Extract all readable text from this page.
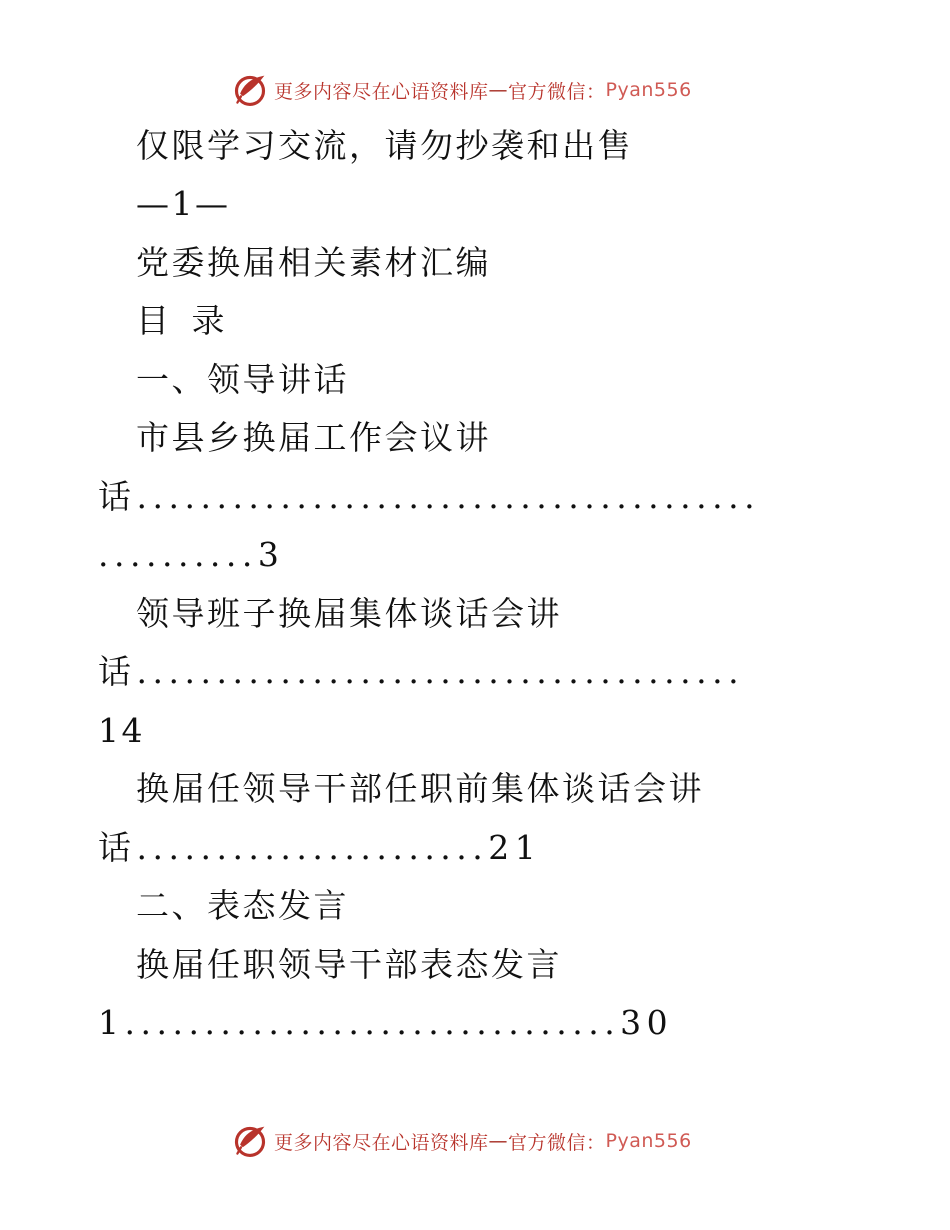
更多内容尽在心语资料库 — 官方微信： Pyan556
仅限学习交流，请勿抄袭和出售
—1—
党委换届相关素材汇编
目 录
一、领导讲话
市县乡换届工作会议讲
话.......................................
..........3
领导班子换届集体谈话会讲
话......................................
14
换届任领导干部任职前集体谈话会讲
话......................21
二、表态发言
换届任职领导干部表态发言
1...............................30
更多内容尽在心语资料库 — 官方微信： Pyan556
